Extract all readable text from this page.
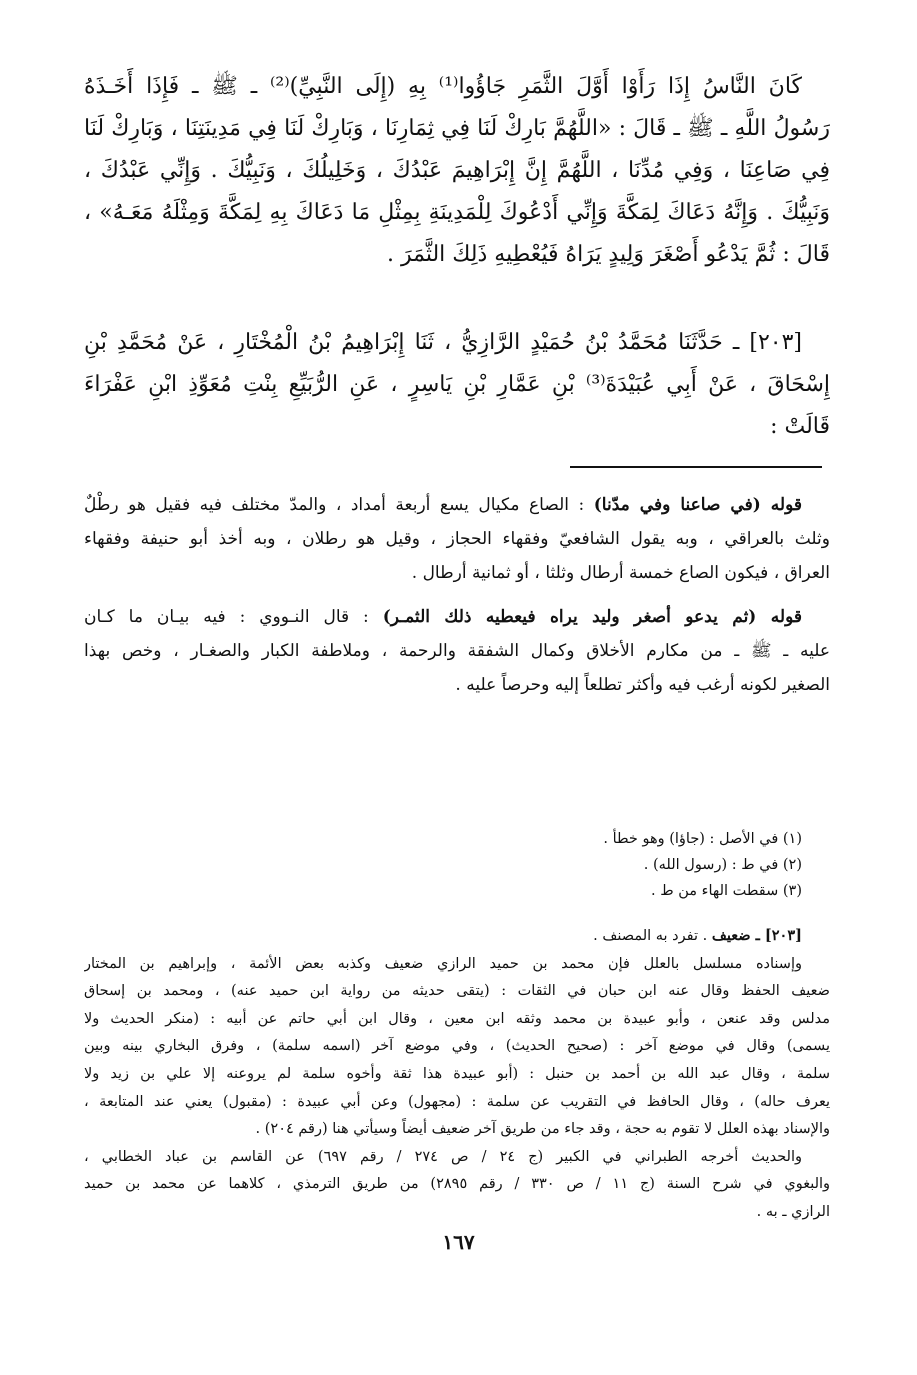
كَانَ النَّاسُ إِذَا رَأَوْا أَوَّلَ الثَّمَرِ جَاؤُوا⁽¹⁾ بِهِ (إِلَى النَّبِيِّ)⁽²⁾ ـ ﷺ ـ فَإِذَا أَخَـذَهُ
رَسُولُ اللَّهِ ـ ﷺ ـ قَالَ : «اللَّهُمَّ بَارِكْ لَنَا فِي ثِمَارِنَا ، وَبَارِكْ لَنَا فِي مَدِينَتِنَا ، وَبَارِكْ لَنَا
فِي صَاعِنَا ، وَفِي مُدِّنَا ، اللَّهُمَّ إِنَّ إِبْرَاهِيمَ عَبْدُكَ ، وَخَلِيلُكَ ، وَنَبِيُّكَ . وَإِنِّي عَبْدُكَ ،
وَنَبِيُّكَ . وَإِنَّهُ دَعَاكَ لِمَكَّةَ وَإِنِّي أَدْعُوكَ لِلْمَدِينَةِ بِمِثْلِ مَا دَعَاكَ بِهِ لِمَكَّةَ وَمِثْلَهُ مَعَـهُ» ،
قَالَ : ثُمَّ يَدْعُو أَصْغَرَ وَلِيدٍ يَرَاهُ فَيُعْطِيهِ ذَلِكَ الثَّمَرَ .
[٢٠٣] ـ حَدَّثَنَا مُحَمَّدُ بْنُ حُمَيْدٍ الرَّازِيُّ ، ثَنَا إِبْرَاهِيمُ بْنُ الْمُخْتَارِ ، عَنْ مُحَمَّدِ بْنِ
إِسْحَاقَ ، عَنْ أَبِي عُبَيْدَةَ⁽³⁾ بْنِ عَمَّارِ بْنِ يَاسِرٍ ، عَنِ الرُّبَيِّعِ بِنْتِ مُعَوِّذِ ابْنِ عَفْرَاءَ
قَالَتْ :
قوله (في صاعنا وفي مدّنا) : الصاع مكيال يسع أربعة أمداد ، والمدّ مختلف فيه فقيل هو رطْلٌ
وثلث بالعراقي ، وبه يقول الشافعيّ وفقهاء الحجاز ، وقيل هو رطلان ، وبه أخذ أبو حنيفة وفقهاء
العراق ، فيكون الصاع خمسة أرطال وثلثا ، أو ثمانية أرطال .
قوله (ثم يدعو أصغر وليد يراه فيعطيه ذلك الثمـر) : قال النـووي : فيه بيـان ما كـان
عليه ـ ﷺ ـ من مكارم الأخلاق وكمال الشفقة والرحمة ، وملاطفة الكبار والصغـار ، وخص بهذا
الصغير لكونه أرغب فيه وأكثر تطلعاً إليه وحرصاً عليه .
(١) في الأصل : (جاؤا) وهو خطأ .
(٢) في ط : (رسول الله) .
(٣) سقطت الهاء من ط .
[٢٠٣] ـ ضعيف . تفرد به المصنف .
وإسناده مسلسل بالعلل فإن محمد بن حميد الرازي ضعيف وكذبه بعض الأئمة ، وإبراهيم بن المختار
ضعيف الحفظ وقال عنه ابن حبان في الثقات : (يتقى حديثه من رواية ابن حميد عنه) ، ومحمد بن إسحاق
مدلس وقد عنعن ، وأبو عبيدة بن محمد وثقه ابن معين ، وقال ابن أبي حاتم عن أبيه : (منكر الحديث ولا
يسمى) وقال في موضع آخر : (صحيح الحديث) ، وفي موضع آخر (اسمه سلمة) ، وفرق البخاري بينه وبين
سلمة ، وقال عبد الله بن أحمد بن حنبل : (أبو عبيدة هذا ثقة وأخوه سلمة لم يروعنه إلا علي بن زيد ولا
يعرف حاله) ، وقال الحافظ في التقريب عن سلمة : (مجهول) وعن أبي عبيدة : (مقبول) يعني عند المتابعة ،
والإسناد بهذه العلل لا تقوم به حجة ، وقد جاء من طريق آخر ضعيف أيضاً وسيأتي هنا (رقم ٢٠٤) .
والحديث أخرجه الطبراني في الكبير (ج ٢٤ / ص ٢٧٤ / رقم ٦٩٧) عن القاسم بن عباد الخطابي ،
والبغوي في شرح السنة (ج ١١ / ص ٣٣٠ / رقم ٢٨٩٥) من طريق الترمذي ، كلاهما عن محمد بن حميد
الرازي ـ به .
١٦٧
